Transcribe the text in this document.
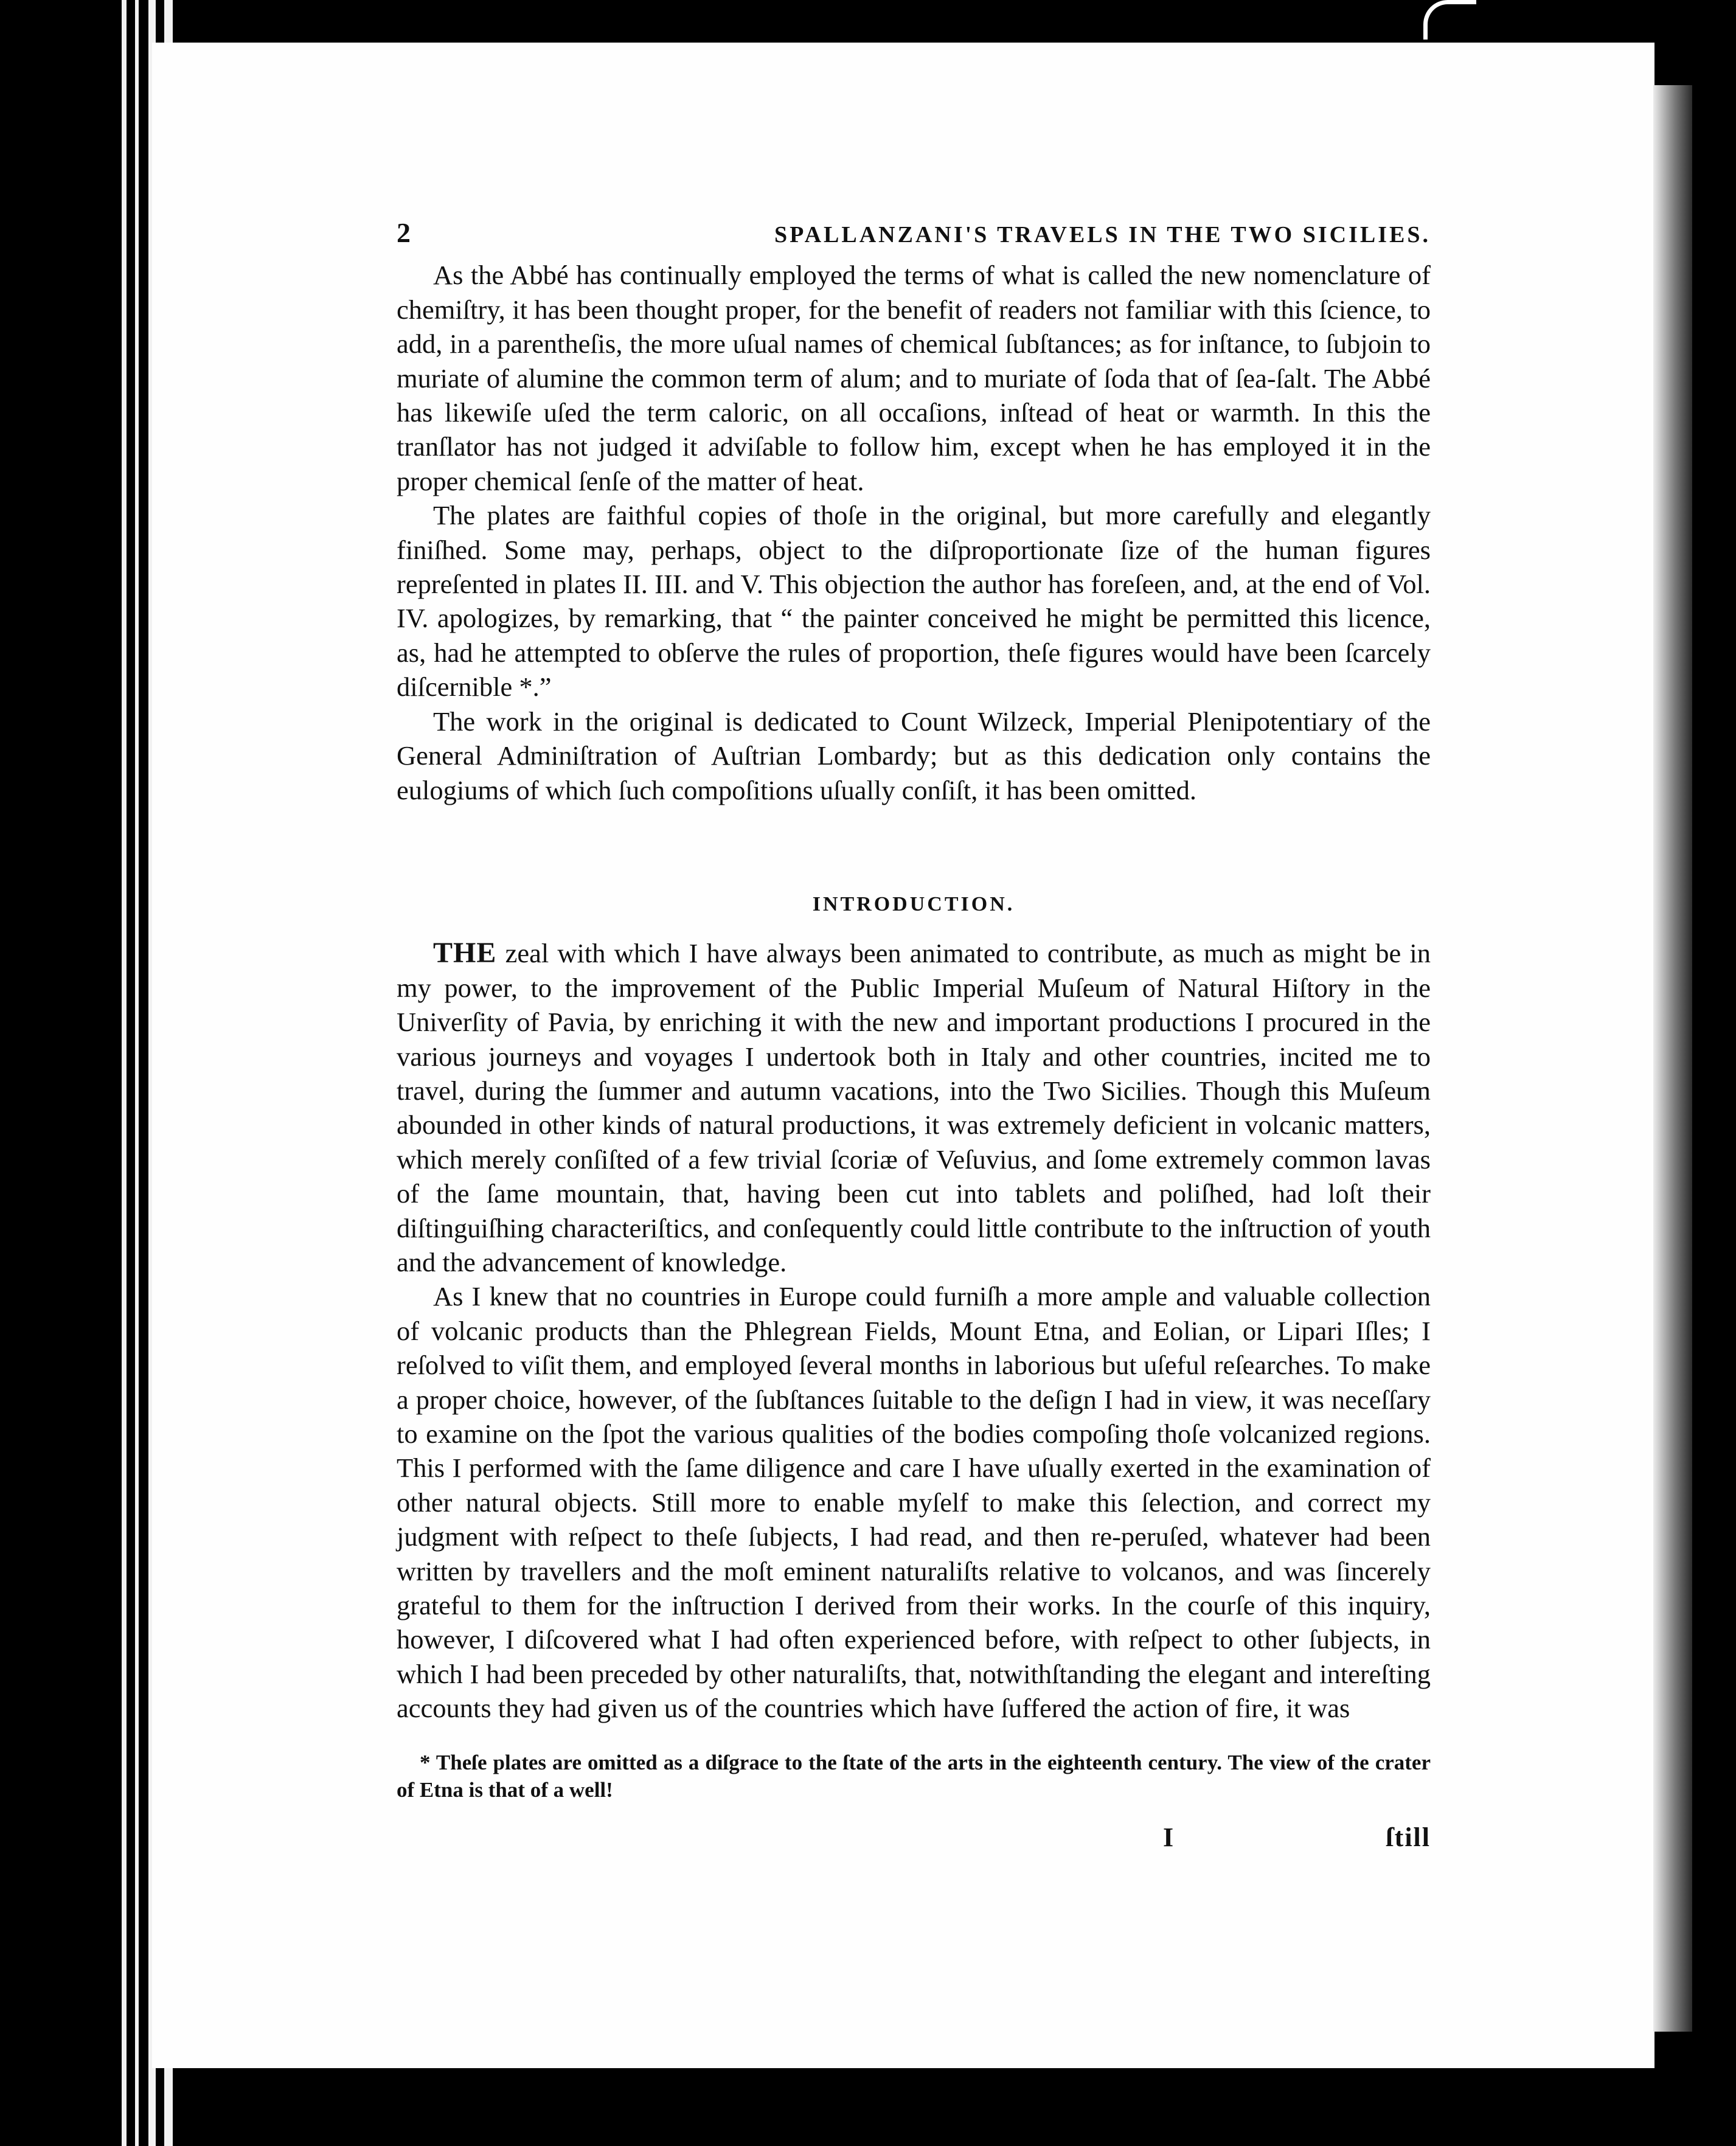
2	SPALLANZANI'S TRAVELS IN THE TWO SICILIES.

As the Abbé has continually employed the terms of what is called the new nomenclature of chemiſtry, it has been thought proper, for the benefit of readers not familiar with this ſcience, to add, in a parentheſis, the more uſual names of chemical ſubſtances; as for inſtance, to ſubjoin to muriate of alumine the common term of alum; and to muriate of ſoda that of ſea-ſalt. The Abbé has likewiſe uſed the term caloric, on all occaſions, inſtead of heat or warmth. In this the tranſlator has not judged it adviſable to follow him, except when he has employed it in the proper chemical ſenſe of the matter of heat.

The plates are faithful copies of thoſe in the original, but more carefully and elegantly finiſhed. Some may, perhaps, object to the diſproportionate ſize of the human figures repreſented in plates II. III. and V. This objection the author has foreſeen, and, at the end of Vol. IV. apologizes, by remarking, that “ the painter conceived he might be permitted this licence, as, had he attempted to obſerve the rules of proportion, theſe figures would have been ſcarcely diſcernible *.”

The work in the original is dedicated to Count Wilzeck, Imperial Plenipotentiary of the General Adminiſtration of Auſtrian Lombardy; but as this dedication only contains the eulogiums of which ſuch compoſitions uſually conſiſt, it has been omitted.

INTRODUCTION.

THE zeal with which I have always been animated to contribute, as much as might be in my power, to the improvement of the Public Imperial Muſeum of Natural Hiſtory in the Univerſity of Pavia, by enriching it with the new and important productions I procured in the various journeys and voyages I undertook both in Italy and other countries, incited me to travel, during the ſummer and autumn vacations, into the Two Sicilies. Though this Muſeum abounded in other kinds of natural productions, it was extremely deficient in volcanic matters, which merely conſiſted of a few trivial ſcoriæ of Veſuvius, and ſome extremely common lavas of the ſame mountain, that, having been cut into tablets and poliſhed, had loſt their diſtinguiſhing characteriſtics, and conſequently could little contribute to the inſtruction of youth and the advancement of knowledge.

As I knew that no countries in Europe could furniſh a more ample and valuable collection of volcanic products than the Phlegrean Fields, Mount Etna, and Eolian, or Lipari Iſles; I reſolved to viſit them, and employed ſeveral months in laborious but uſeful reſearches. To make a proper choice, however, of the ſubſtances ſuitable to the deſign I had in view, it was neceſſary to examine on the ſpot the various qualities of the bodies compoſing thoſe volcanized regions. This I performed with the ſame diligence and care I have uſually exerted in the examination of other natural objects. Still more to enable myſelf to make this ſelection, and correct my judgment with reſpect to theſe ſubjects, I had read, and then re-peruſed, whatever had been written by travellers and the moſt eminent naturaliſts relative to volcanos, and was ſincerely grateful to them for the inſtruction I derived from their works. In the courſe of this inquiry, however, I diſcovered what I had often experienced before, with reſpect to other ſubjects, in which I had been preceded by other naturaliſts, that, notwithſtanding the elegant and intereſting accounts they had given us of the countries which have ſuffered the action of fire, it was

* Theſe plates are omitted as a diſgrace to the ſtate of the arts in the eighteenth century. The view of the crater of Etna is that of a well!

I	ſtill
